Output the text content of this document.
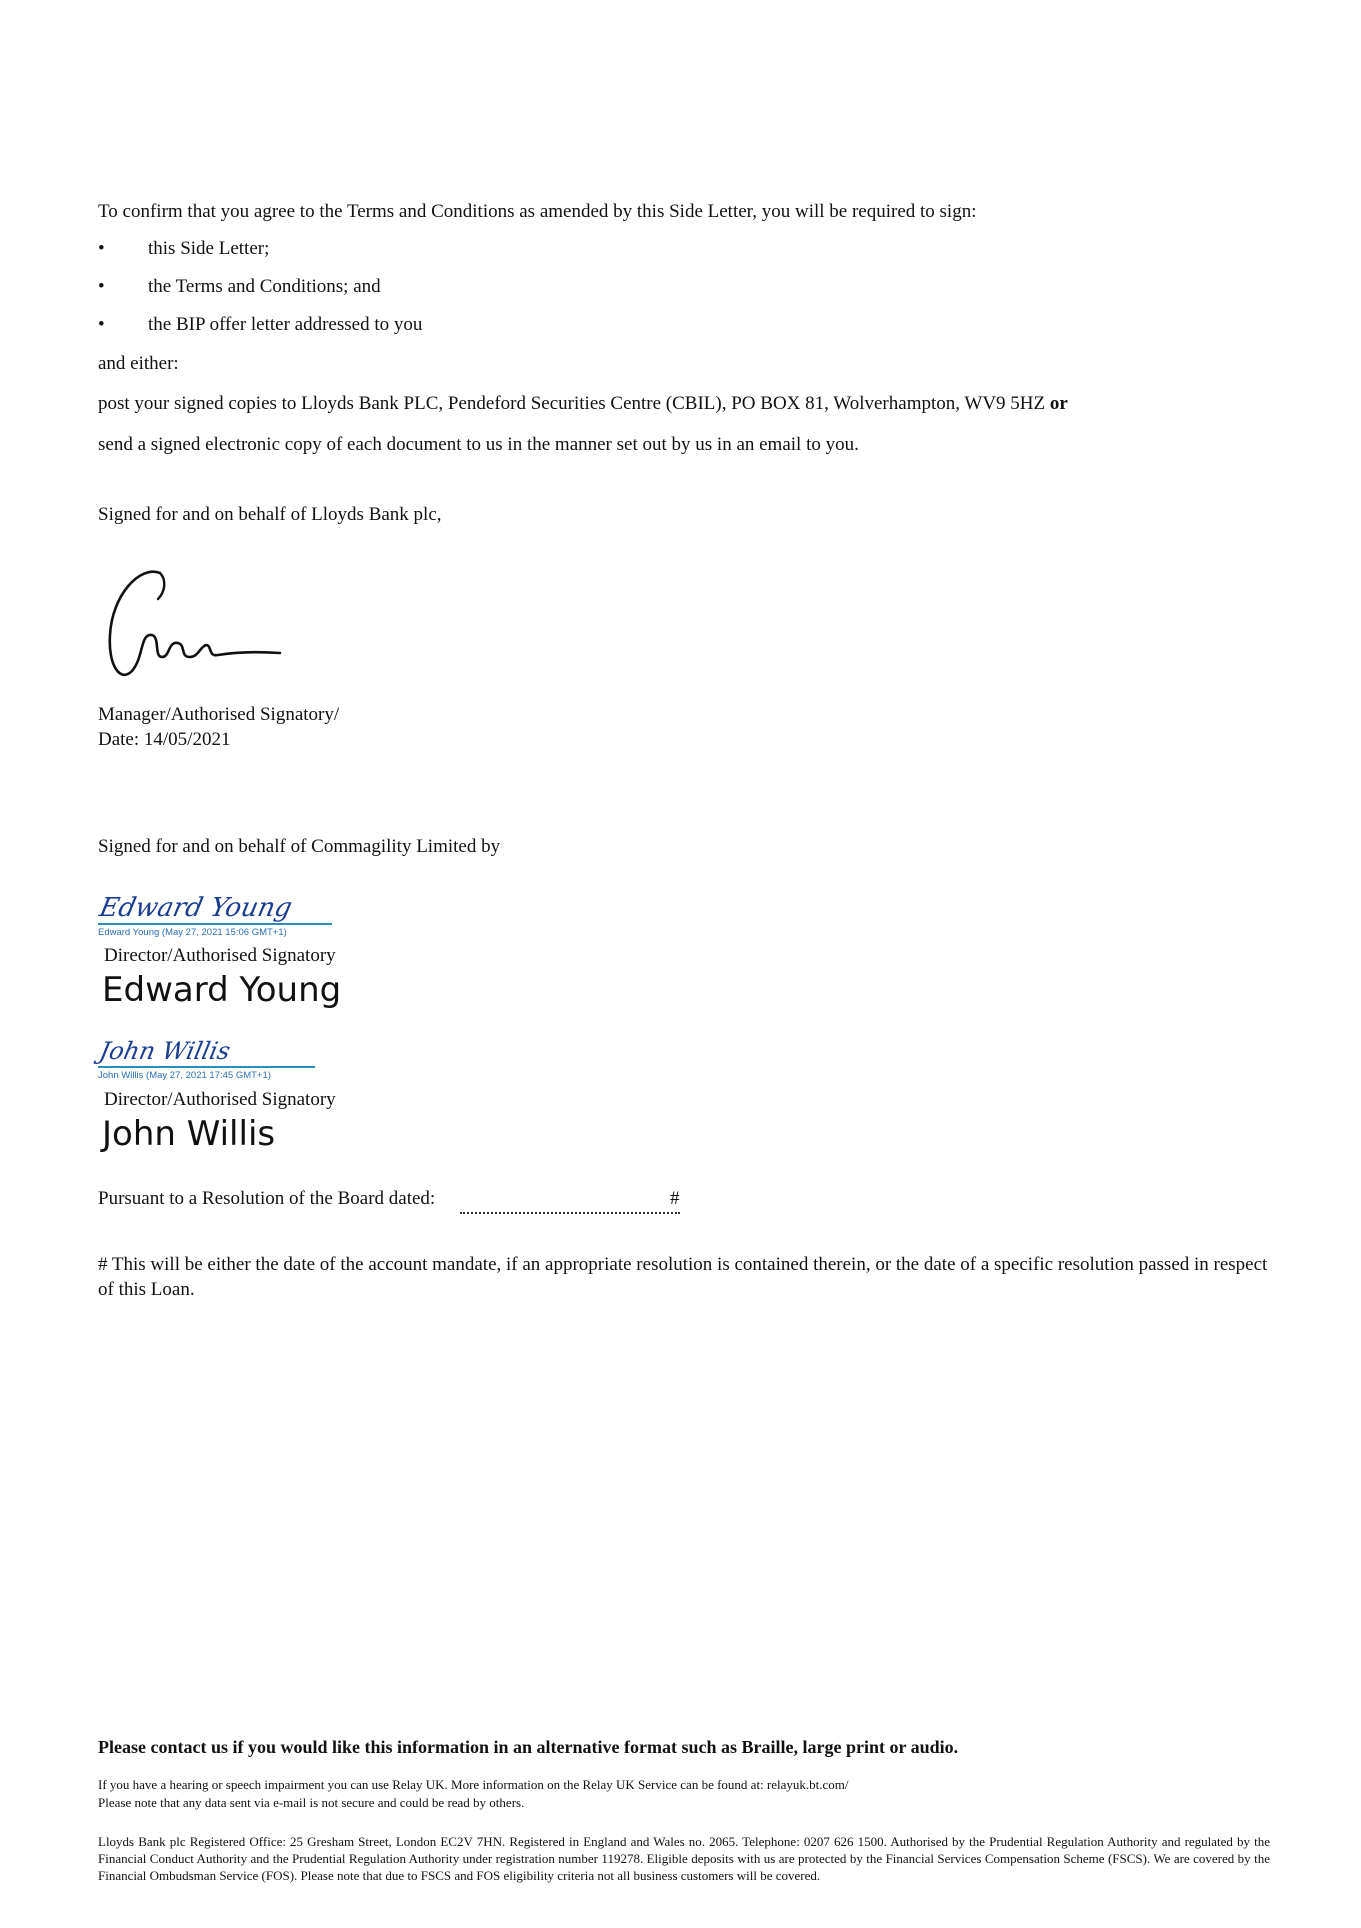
To confirm that you agree to the Terms and Conditions as amended by this Side Letter, you will be required to sign:

• this Side Letter;
• the Terms and Conditions; and
• the BIP offer letter addressed to you

and either:

post your signed copies to Lloyds Bank PLC, Pendeford Securities Centre (CBIL), PO BOX 81, Wolverhampton, WV9 5HZ or

send a signed electronic copy of each document to us in the manner set out by us in an email to you.

Signed for and on behalf of Lloyds Bank plc,

Manager/Authorised Signatory/

Date: 14/05/2021

Signed for and on behalf of Commagility Limited by

Edward Young
Edward Young (May 27, 2021 15:06 GMT+1)

Director/Authorised Signatory

Edward Young
John Willis
John Willis (May 27, 2021 17:45 GMT+1)

Director/Authorised Signatory

John Willis

Pursuant to a Resolution of the Board dated:	#

# This will be either the date of the account mandate, if an appropriate resolution is contained therein, or the date of a specific resolution passed in respect of this Loan.

Please contact us if you would like this information in an alternative format such as Braille, large print or audio.

If you have a hearing or speech impairment you can use Relay UK. More information on the Relay UK Service can be found at: relayuk.bt.com/

Please note that any data sent via e-mail is not secure and could be read by others.

Lloyds Bank plc Registered Office: 25 Gresham Street, London EC2V 7HN. Registered in England and Wales no. 2065. Telephone: 0207 626 1500. Authorised by the Prudential Regulation Authority and regulated by the Financial Conduct Authority and the Prudential Regulation Authority under registration number 119278. Eligible deposits with us are protected by the Financial Services Compensation Scheme (FSCS). We are covered by the Financial Ombudsman Service (FOS). Please note that due to FSCS and FOS eligibility criteria not all business customers will be covered.
